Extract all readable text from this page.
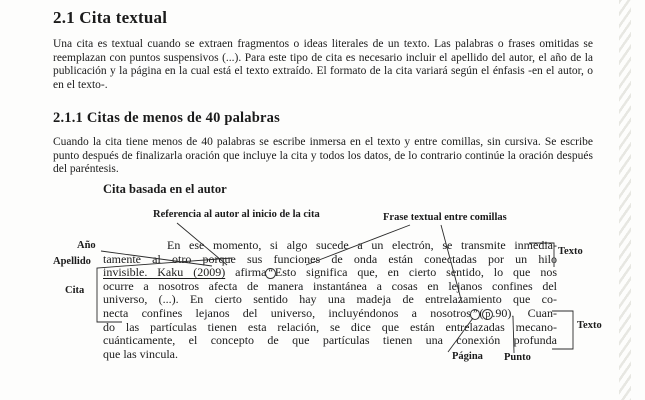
2.1 Cita textual
Una cita es textual cuando se extraen fragmentos o ideas literales de un texto. Las palabras o frases omitidas se reemplazan con puntos suspensivos (...). Para este tipo de cita es necesario incluir el apellido del autor, el año de la publicación y la página en la cual está el texto extraído. El formato de la cita variará según el énfasis -en el autor, o en el texto-.
2.1.1 Citas de menos de 40 palabras
Cuando la cita tiene menos de 40 palabras se escribe inmersa en el texto y entre comillas, sin cursiva. Se escribe punto después de finalizarla oración que incluye la cita y todos los datos, de lo contrario continúe la oración después del paréntesis.
Cita basada en el autor
Referencia al autor al inicio de la cita	Frase textual entre comillas
Año
Apellido
Cita
Texto
Texto
Página Punto
En ese momento, si algo sucede a un electrón, se transmite inmedia-
tamente al otro porque sus funciones de onda están conectadas por un hilo
invisible. Kaku (2009) afirma “ Esto significa que, en cierto sentido, lo que nos
ocurre a nosotros afecta de manera instantánea a cosas en lejanos confines del
universo, (...). En cierto sentido hay una madeja de entrelazamiento que co-
necta confines lejanos del universo, incluyéndonos a nosotros ” ( p .90). Cuan-
do las partículas tienen esta relación, se dice que están entrelazadas mecano-
cuánticamente, el concepto de que partículas tienen una conexión profunda
que las vincula.
